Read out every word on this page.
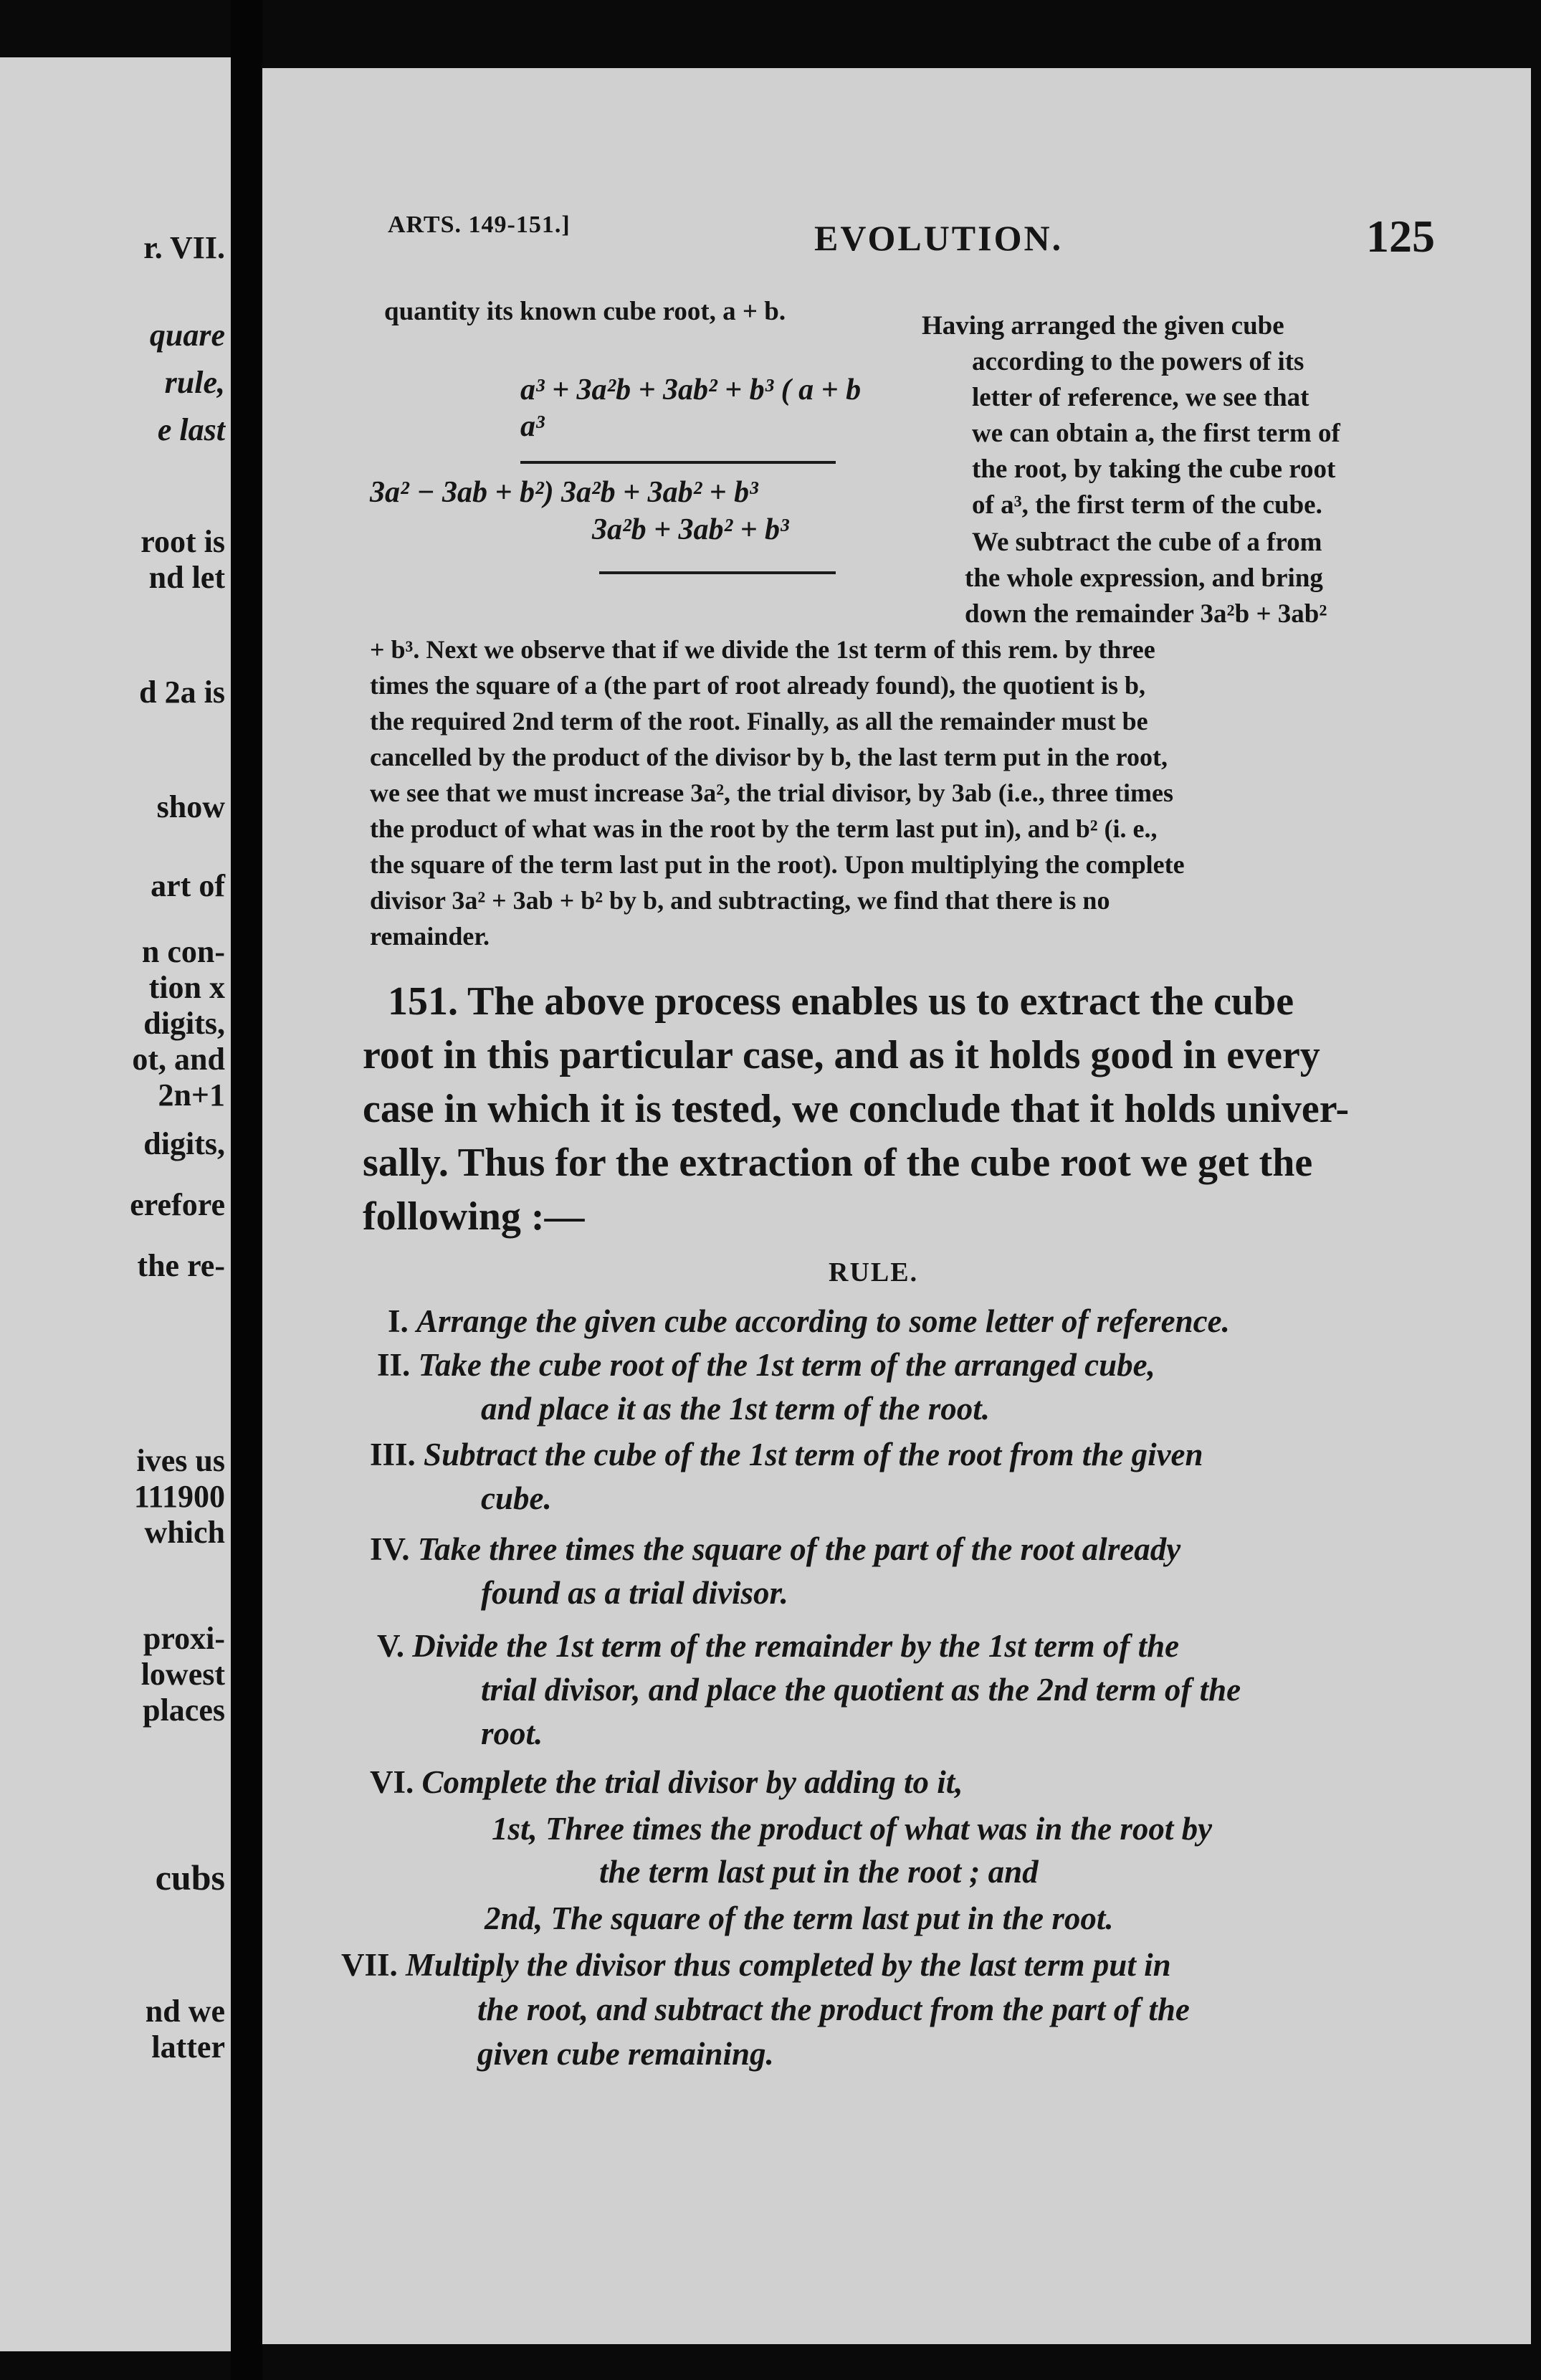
r. VII.
quare
rule,
e last
root is
nd let
d 2a is
show
art of
n con-
tion x
digits,
ot, and
2n+1
digits,
erefore
the re-
ives us
111900
which
proxi-
lowest
places
cubs
nd we
latter
ARTS. 149-151.]	EVOLUTION.	125
quantity its known cube root, a + b.
a³ + 3a²b + 3ab² + b³ ( a + b
a³
3a² − 3ab + b²) 3a²b + 3ab² + b³
3a²b + 3ab² + b³
Having arranged the given cube
according to the powers of its
letter of reference, we see that
we can obtain a, the first term of
the root, by taking the cube root
of a³, the first term of the cube.
We subtract the cube of a from
the whole expression, and bring
down the remainder 3a²b + 3ab²
+ b³. Next we observe that if we divide the 1st term of this rem. by three
times the square of a (the part of root already found), the quotient is b,
the required 2nd term of the root. Finally, as all the remainder must be
cancelled by the product of the divisor by b, the last term put in the root,
we see that we must increase 3a², the trial divisor, by 3ab (i.e., three times
the product of what was in the root by the term last put in), and b² (i. e.,
the square of the term last put in the root). Upon multiplying the complete
divisor 3a² + 3ab + b² by b, and subtracting, we find that there is no
remainder.
151. The above process enables us to extract the cube
root in this particular case, and as it holds good in every
case in which it is tested, we conclude that it holds univer-
sally. Thus for the extraction of the cube root we get the
following :—
RULE.
I. Arrange the given cube according to some letter of reference.
II. Take the cube root of the 1st term of the arranged cube,
and place it as the 1st term of the root.
III. Subtract the cube of the 1st term of the root from the given
cube.
IV. Take three times the square of the part of the root already
found as a trial divisor.
V. Divide the 1st term of the remainder by the 1st term of the
trial divisor, and place the quotient as the 2nd term of the
root.
VI. Complete the trial divisor by adding to it,
1st, Three times the product of what was in the root by
the term last put in the root ; and
2nd, The square of the term last put in the root.
VII. Multiply the divisor thus completed by the last term put in
the root, and subtract the product from the part of the
given cube remaining.
